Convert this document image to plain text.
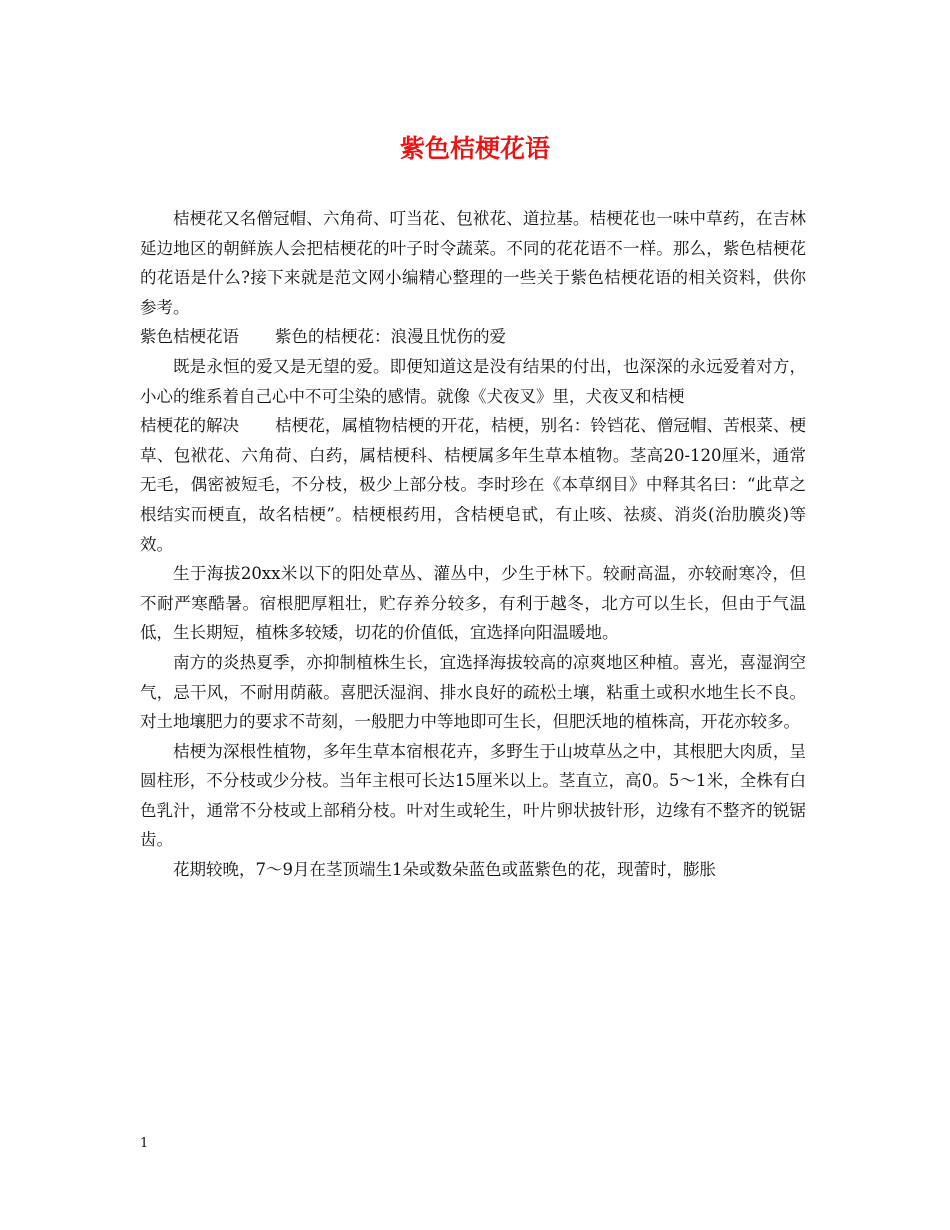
紫色桔梗花语

桔梗花又名僧冠帽、六角荷、叮当花、包袱花、道拉基。桔梗花也一味中草药，在吉林延边地区的朝鲜族人会把桔梗花的叶子时令蔬菜。不同的花花语不一样。那么，紫色桔梗花的花语是什么?接下来就是范文网小编精心整理的一些关于紫色桔梗花语的相关资料，供你参考。

紫色桔梗花语 紫色的桔梗花：浪漫且忧伤的爱

既是永恒的爱又是无望的爱。即便知道这是没有结果的付出，也深深的永远爱着对方，小心的维系着自己心中不可尘染的感情。就像《犬夜叉》里，犬夜叉和桔梗

桔梗花的解决 桔梗花，属植物桔梗的开花，桔梗，别名：铃铛花、僧冠帽、苦根菜、梗草、包袱花、六角荷、白药，属桔梗科、桔梗属多年生草本植物。茎高20-120厘米，通常无毛，偶密被短毛，不分枝，极少上部分枝。李时珍在《本草纲目》中释其名曰：“此草之根结实而梗直，故名桔梗”。桔梗根药用，含桔梗皂甙，有止咳、祛痰、消炎(治肋膜炎)等效。

生于海拔20xx米以下的阳处草丛、灌丛中，少生于林下。较耐高温，亦较耐寒冷，但不耐严寒酷暑。宿根肥厚粗壮，贮存养分较多，有利于越冬，北方可以生长，但由于气温低，生长期短，植株多较矮，切花的价值低，宜选择向阳温暖地。

南方的炎热夏季，亦抑制植株生长，宜选择海拔较高的凉爽地区种植。喜光，喜湿润空气，忌干风，不耐用荫蔽。喜肥沃湿润、排水良好的疏松土壤，粘重土或积水地生长不良。对土地壤肥力的要求不苛刻，一般肥力中等地即可生长，但肥沃地的植株高，开花亦较多。

桔梗为深根性植物，多年生草本宿根花卉，多野生于山坡草丛之中，其根肥大肉质，呈圆柱形，不分枝或少分枝。当年主根可长达15厘米以上。茎直立，高0。5～1米，全株有白色乳汁，通常不分枝或上部稍分枝。叶对生或轮生，叶片卵状披针形，边缘有不整齐的锐锯齿。

花期较晚，7～9月在茎顶端生1朵或数朵蓝色或蓝紫色的花，现蕾时，膨胀

1
